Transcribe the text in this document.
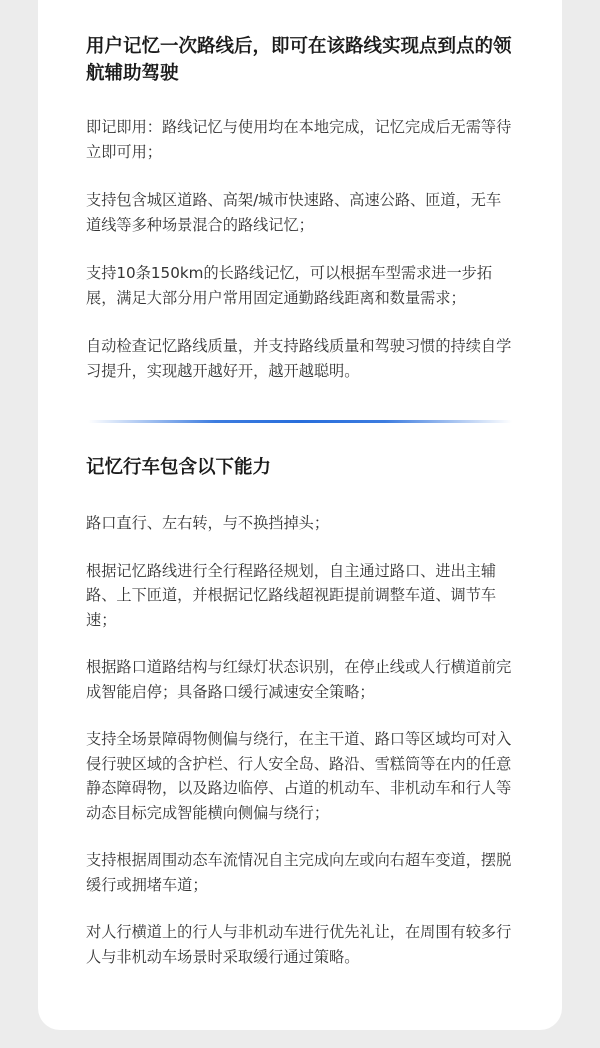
用户记忆一次路线后，即可在该路线实现点到点的领航辅助驾驶

即记即用：路线记忆与使用均在本地完成，记忆完成后无需等待立即可用；

支持包含城区道路、高架/城市快速路、高速公路、匝道，无车道线等多种场景混合的路线记忆；

支持10条150km的长路线记忆，可以根据车型需求进一步拓展，满足大部分用户常用固定通勤路线距离和数量需求；

自动检查记忆路线质量，并支持路线质量和驾驶习惯的持续自学习提升，实现越开越好开，越开越聪明。

记忆行车包含以下能力

路口直行、左右转，与不换挡掉头；

根据记忆路线进行全行程路径规划，自主通过路口、进出主辅路、上下匝道，并根据记忆路线超视距提前调整车道、调节车速；

根据路口道路结构与红绿灯状态识别，在停止线或人行横道前完成智能启停；具备路口缓行减速安全策略；

支持全场景障碍物侧偏与绕行，在主干道、路口等区域均可对入侵行驶区域的含护栏、行人安全岛、路沿、雪糕筒等在内的任意静态障碍物，以及路边临停、占道的机动车、非机动车和行人等动态目标完成智能横向侧偏与绕行；

支持根据周围动态车流情况自主完成向左或向右超车变道，摆脱缓行或拥堵车道；

对人行横道上的行人与非机动车进行优先礼让，在周围有较多行人与非机动车场景时采取缓行通过策略。
